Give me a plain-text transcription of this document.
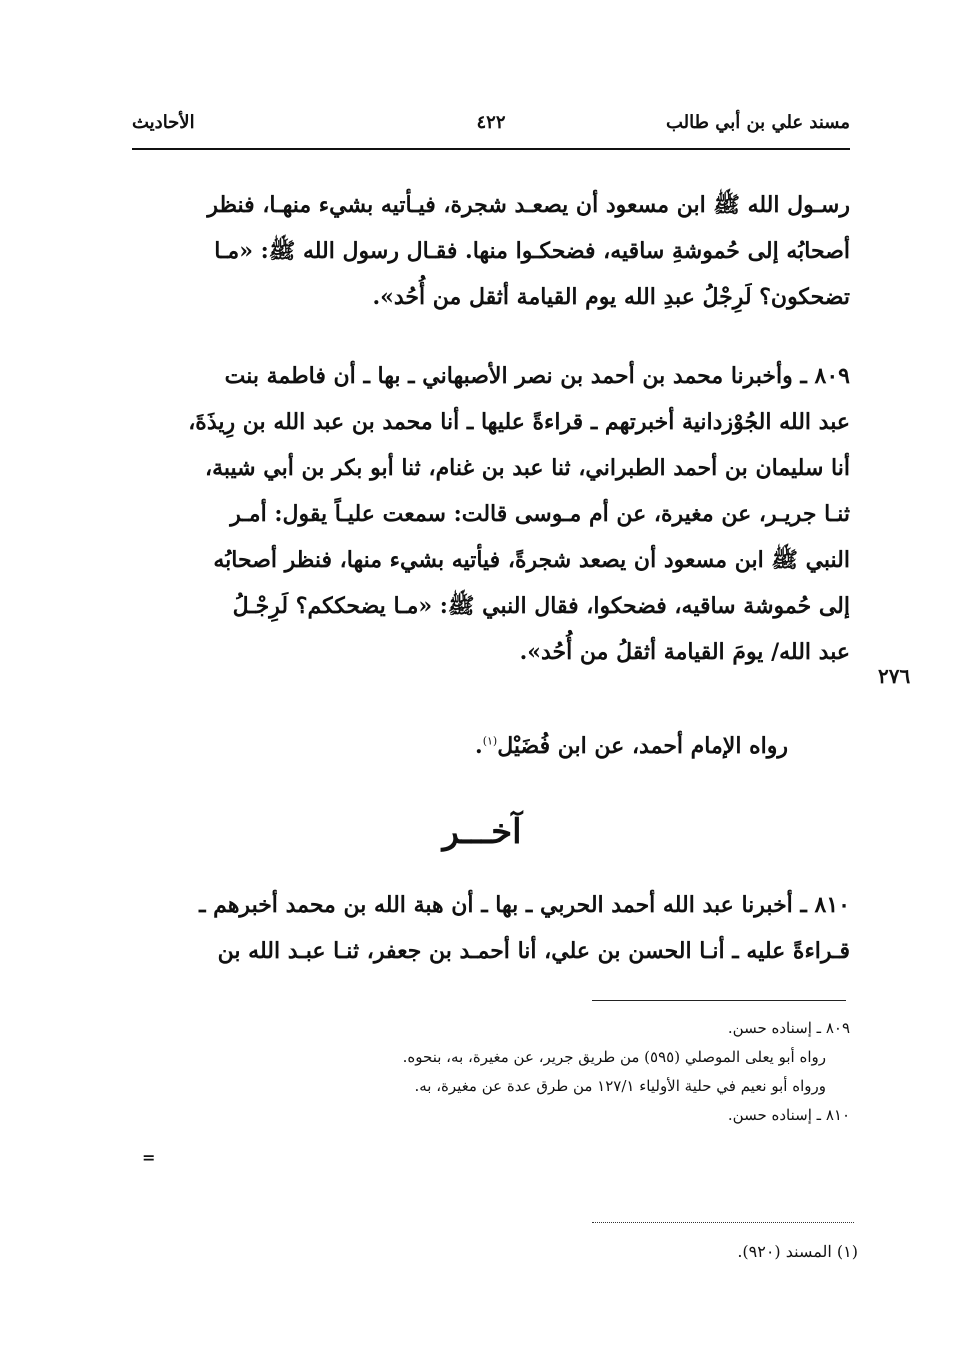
مسند علي بن أبي طالب
٤٢٢
الأحاديث
رسـول الله ﷺ ابن مسعود أن يصعـد شجرة، فيـأتيه بشيء منهـا، فنظر
أصحابُه إلى حُموشةِ ساقيه، فضحكـوا منها. فقـال رسول الله ﷺ: «مـا
تضحكون؟ لَرِجْلُ عبدِ الله يوم القيامة أثقل من أُحُد».
٨٠٩ ـ وأخبرنا محمد بن أحمد بن نصر الأصبهاني ـ بها ـ أن فاطمة بنت
عبد الله الجُوْزدانية أخبرتهم ـ قراءةً عليها ـ أنا محمد بن عبد الله بن رِيذَةَ،
أنا سليمان بن أحمد الطبراني، ثنا عبد بن غنام، ثنا أبو بكر بن أبي شيبة،
ثنـا جريـر، عن مغيرة، عن أم مـوسى قالت: سمعت عليـاً يقول: أمـر
النبي ﷺ ابن مسعود أن يصعد شجرةً، فيأتيه بشيء منها، فنظر أصحابُه
إلى حُموشة ساقيه، فضحكوا، فقال النبي ﷺ: «مـا يضحككم؟ لَرِجْـلُ
عبد الله/ يومَ القيامة أثقلُ من أُحُد».
٢٧٦
رواه الإمام أحمد، عن ابن فُضَيْل$^{(١)}$.
آخـــر
٨١٠ ـ أخبرنا عبد الله أحمد الحربي ـ بها ـ أن هبة الله بن محمد أخبرهم ـ
قـراءةً عليه ـ أنـا الحسن بن علي، أنا أحمـد بن جعفر، ثنـا عبـد الله بن
٨٠٩ ـ إسناده حسن.
رواه أبو يعلى الموصلي (٥٩٥) من طريق جرير، عن مغيرة، به، بنحوه.
ورواه أبو نعيم في حلية الأولياء ١٢٧/١ من طرق عدة عن مغيرة، به.
٨١٠ ـ إسناده حسن.
=
(١) المسند (٩٢٠).
